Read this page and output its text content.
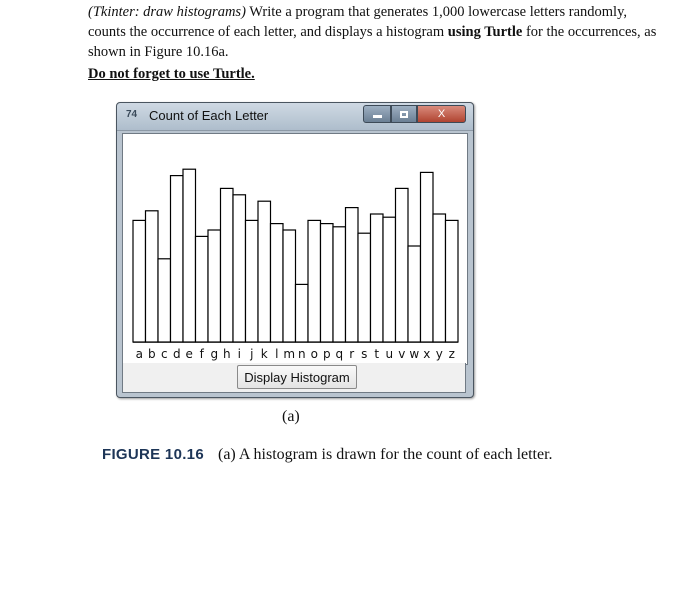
(Tkinter: draw histograms) Write a program that generates 1,000 lowercase letters randomly, counts the occurrence of each letter, and displays a histogram using Turtle for the occurrences, as shown in Figure 10.16a.

Do not forget to use Turtle.
74 Count of Each Letter	X
a b c d e f g h i j k l m n o p q r s t u v w x y z
Display Histogram
(a)
FIGURE 10.16 (a) A histogram is drawn for the count of each letter.
